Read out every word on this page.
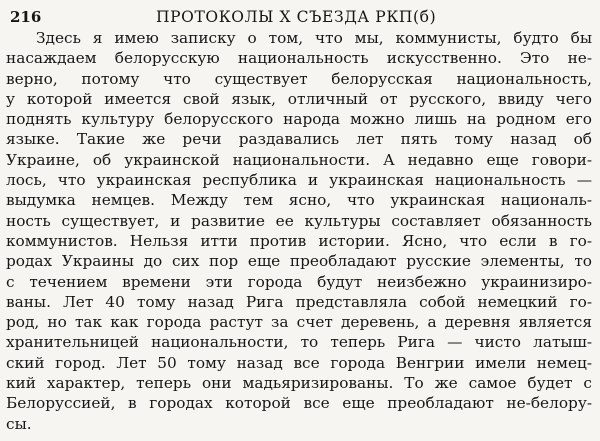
216	ПРОТОКОЛЫ X СЪЕЗДА РКП(б)
Здесь я имею записку о том, что мы, коммунисты, будто бы
насаждаем белорусскую национальность искусственно. Это не-
верно, потому что существует белорусская национальность,
у которой имеется свой язык, отличный от русского, ввиду чего
поднять культуру белорусского народа можно лишь на родном его
языке. Такие же речи раздавались лет пять тому назад об
Украине, об украинской национальности. А недавно еще говори-
лось, что украинская республика и украинская национальность —
выдумка немцев. Между тем ясно, что украинская националь-
ность существует, и развитие ее культуры составляет обязанность
коммунистов. Нельзя итти против истории. Ясно, что если в го-
родах Украины до сих пор еще преобладают русские элементы, то
с течением времени эти города будут неизбежно украинизиро-
ваны. Лет 40 тому назад Рига представляла собой немецкий го-
род, но так как города растут за счет деревень, а деревня является
хранительницей национальности, то теперь Рига — чисто латыш-
ский город. Лет 50 тому назад все города Венгрии имели немец-
кий характер, теперь они мадьяризированы. То же самое будет с
Белоруссией, в городах которой все еще преобладают не-белору-
сы.
